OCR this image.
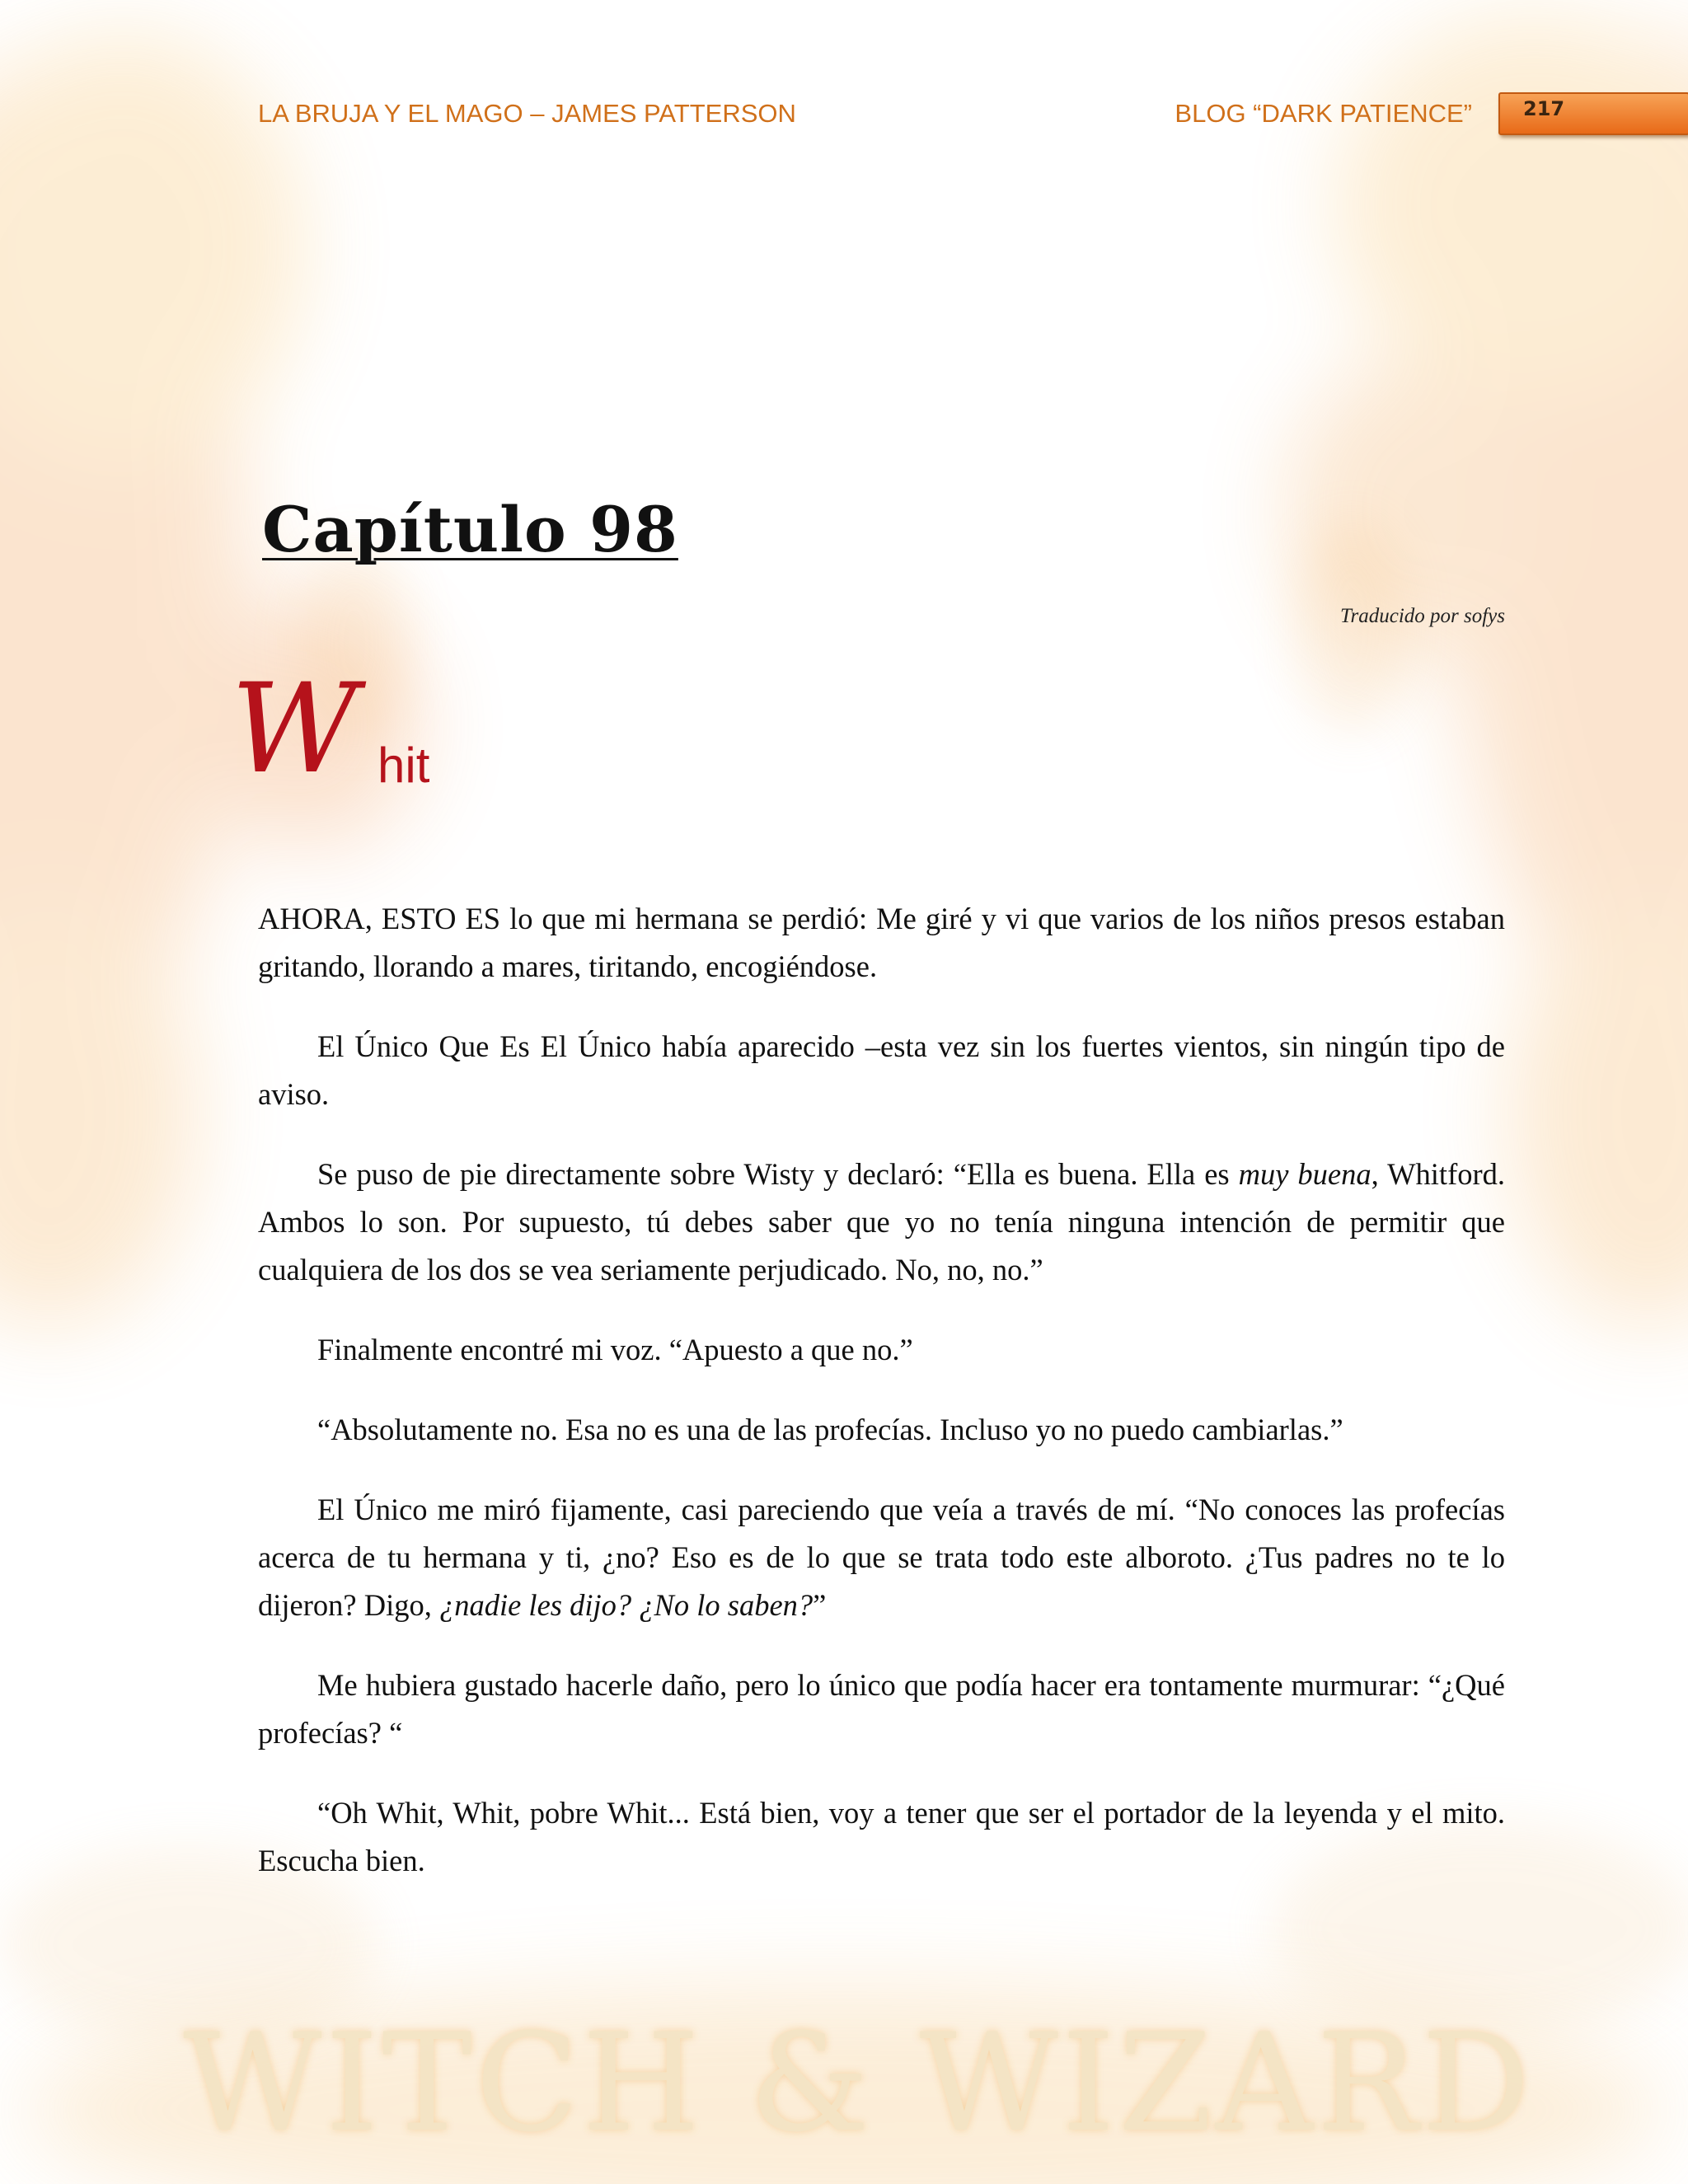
LA BRUJA Y EL MAGO – JAMES PATTERSON	BLOG “DARK PATIENCE”	217
Capítulo 98
Traducido por sofys
W hit

AHORA, ESTO ES lo que mi hermana se perdió: Me giré y vi que varios de los niños presos estaban gritando, llorando a mares, tiritando, encogiéndose.

El Único Que Es El Único había aparecido –esta vez sin los fuertes vientos, sin ningún tipo de aviso.

Se puso de pie directamente sobre Wisty y declaró: “Ella es buena. Ella es muy buena, Whitford. Ambos lo son. Por supuesto, tú debes saber que yo no tenía ninguna intención de permitir que cualquiera de los dos se vea seriamente perjudicado. No, no, no.”

Finalmente encontré mi voz. “Apuesto a que no.”

“Absolutamente no. Esa no es una de las profecías. Incluso yo no puedo cambiarlas.”

El Único me miró fijamente, casi pareciendo que veía a través de mí. “No conoces las profecías acerca de tu hermana y ti, ¿no? Eso es de lo que se trata todo este alboroto. ¿Tus padres no te lo dijeron? Digo, ¿nadie les dijo? ¿No lo saben?”

Me hubiera gustado hacerle daño, pero lo único que podía hacer era tontamente murmurar: “¿Qué profecías? “

“Oh Whit, Whit, pobre Whit... Está bien, voy a tener que ser el portador de la leyenda y el mito. Escucha bien.

WITCH & WIZARD
